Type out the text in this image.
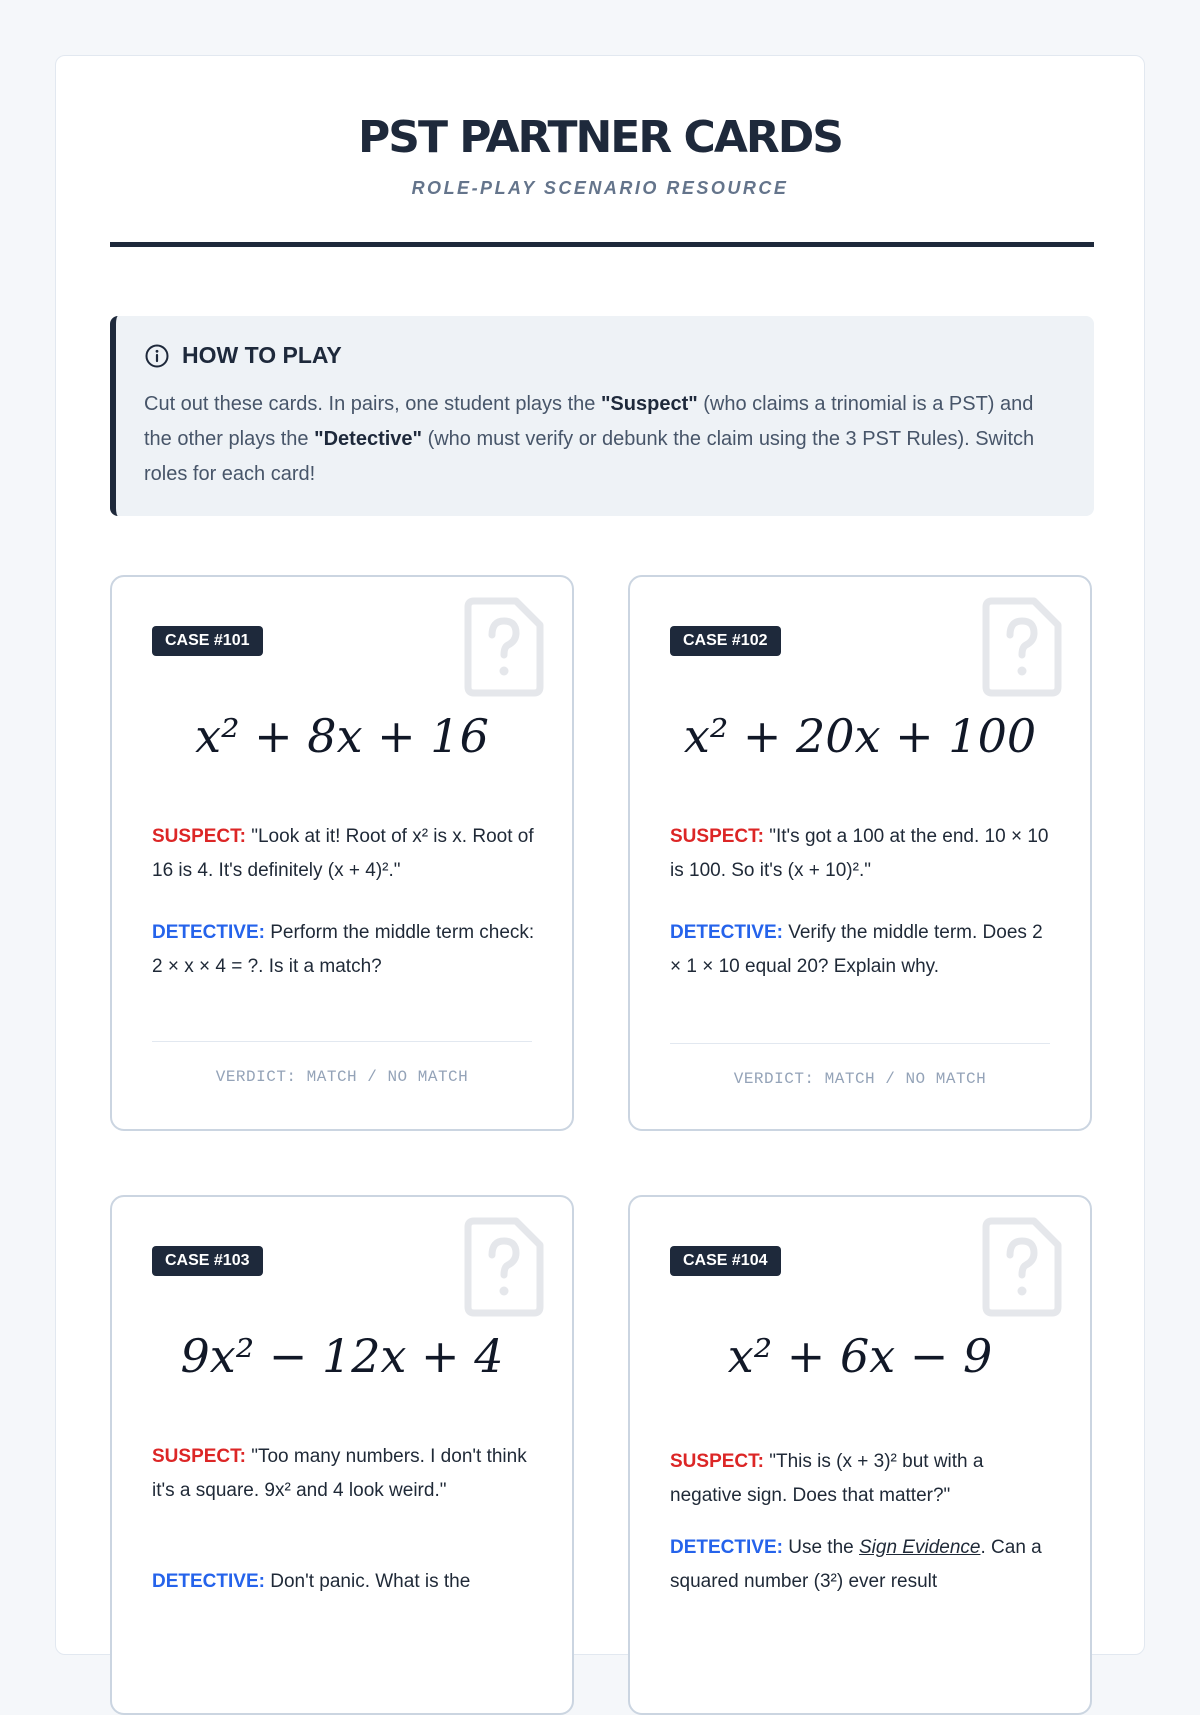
PST PARTNER CARDS
ROLE-PLAY SCENARIO RESOURCE
HOW TO PLAY
Cut out these cards. In pairs, one student plays the "Suspect" (who claims a trinomial is a PST) and the other plays the "Detective" (who must verify or debunk the claim using the 3 PST Rules). Switch roles for each card!
CASE #101
x² + 8x + 16
SUSPECT: "Look at it! Root of x² is x. Root of 16 is 4. It's definitely (x + 4)²."
DETECTIVE: Perform the middle term check: 2 × x × 4 = ?. Is it a match?
VERDICT: MATCH / NO MATCH
CASE #102
x² + 20x + 100
SUSPECT: "It's got a 100 at the end. 10 × 10 is 100. So it's (x + 10)²."
DETECTIVE: Verify the middle term. Does 2 × 1 × 10 equal 20? Explain why.
VERDICT: MATCH / NO MATCH
CASE #103
9x² − 12x + 4
SUSPECT: "Too many numbers. I don't think it's a square. 9x² and 4 look weird."
DETECTIVE: Don't panic. What is the
CASE #104
x² + 6x − 9
SUSPECT: "This is (x + 3)² but with a negative sign. Does that matter?"
DETECTIVE: Use the Sign Evidence. Can a squared number (3²) ever result
